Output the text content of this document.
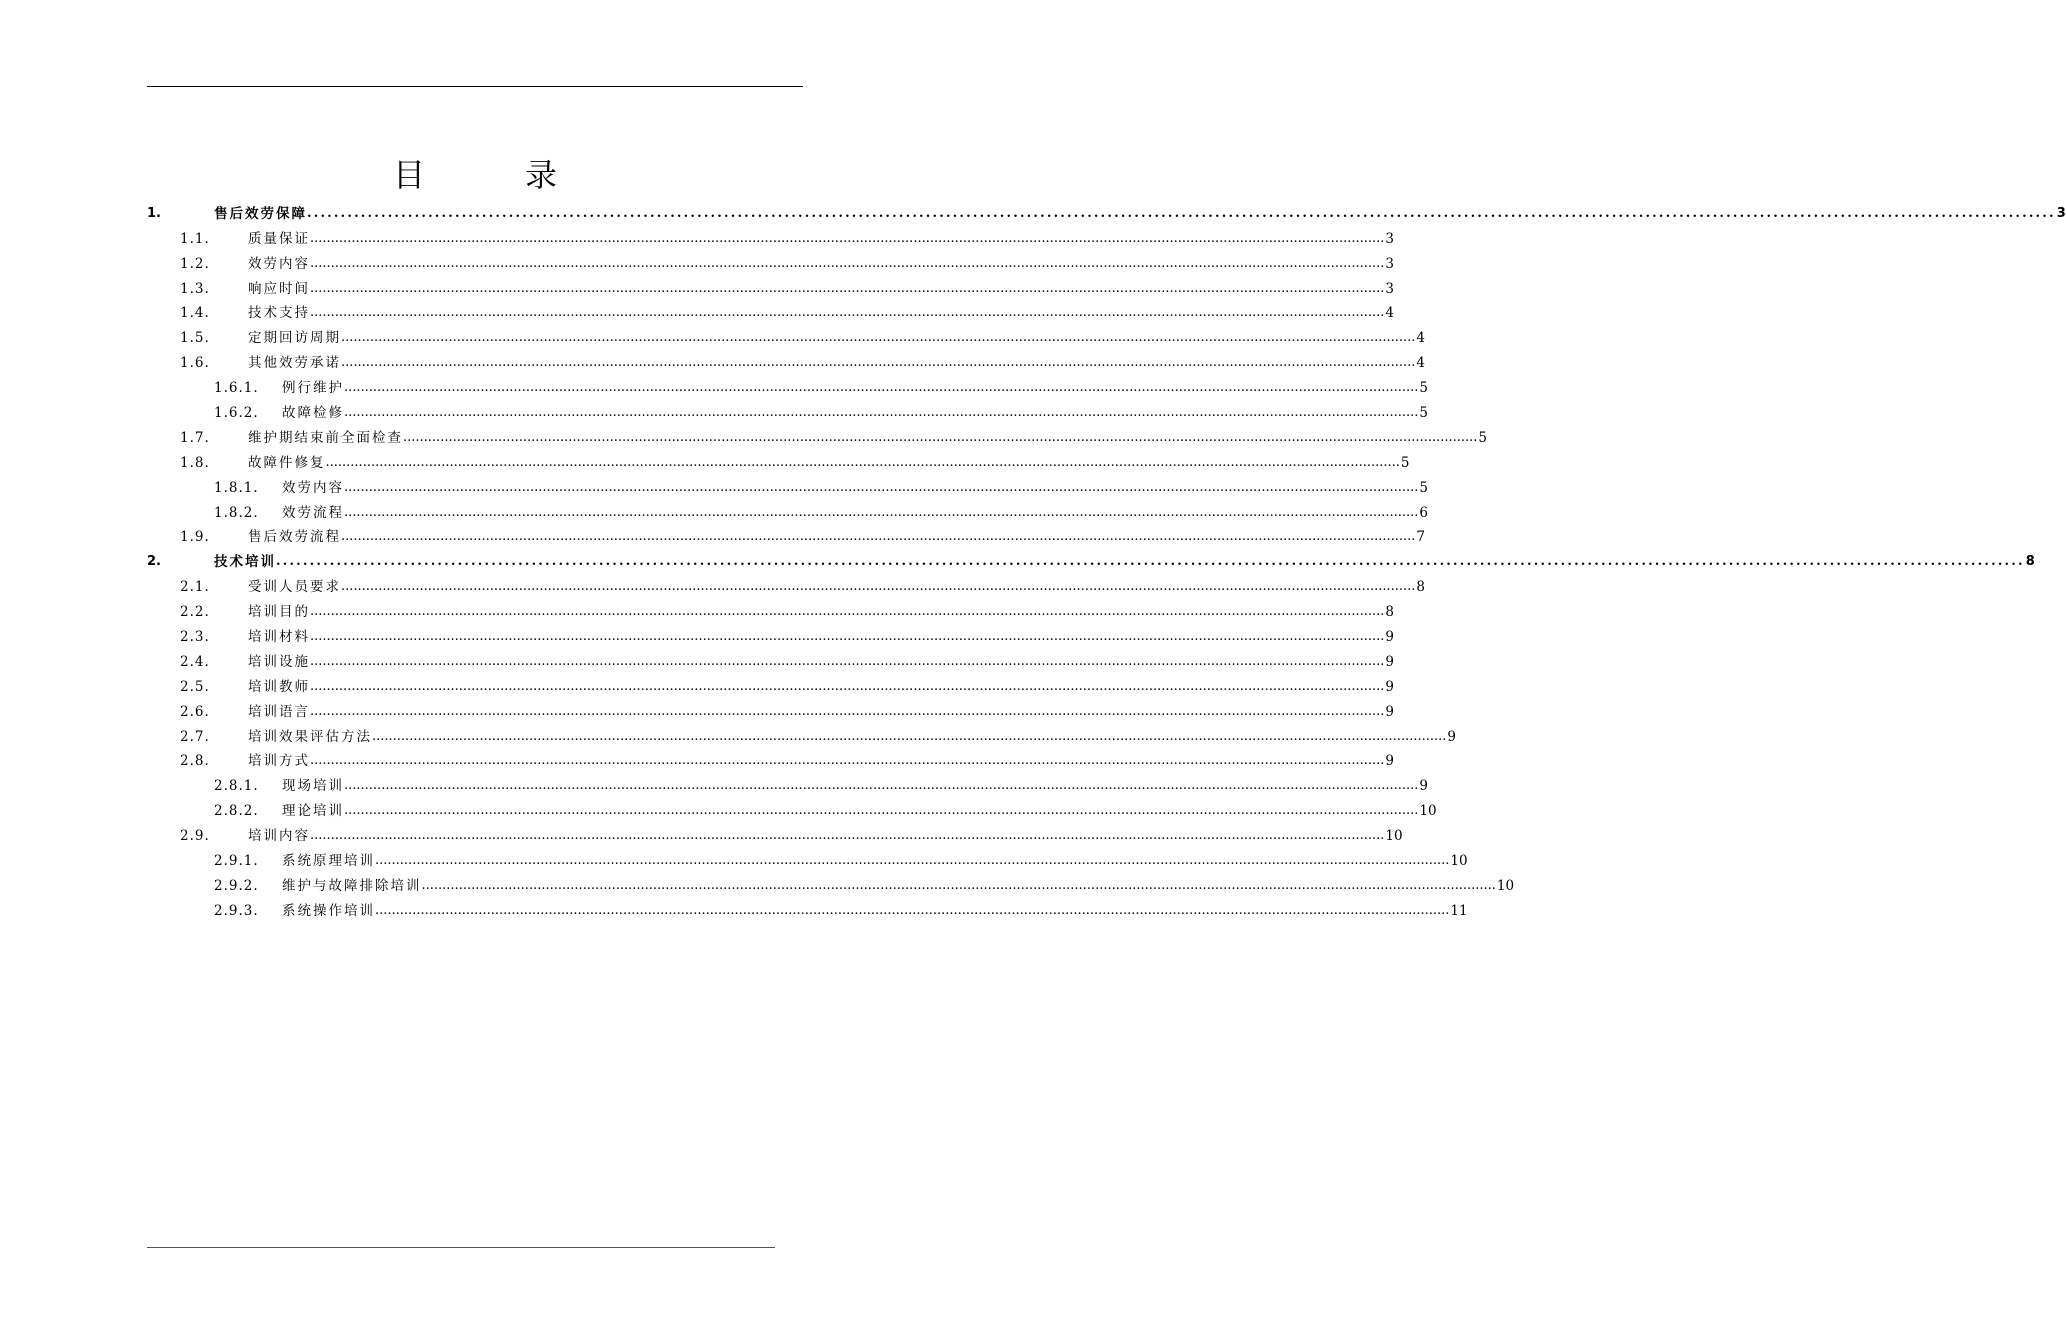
目　录
1.	售后效劳保障 .................................................................................................................................................................................................................................................................... 3
1.1.	质量保证 .................................................................................................................................................................................................................................................................... 3
1.2.	效劳内容 .................................................................................................................................................................................................................................................................... 3
1.3.	响应时间 .................................................................................................................................................................................................................................................................... 3
1.4.	技术支持 .................................................................................................................................................................................................................................................................... 4
1.5.	定期回访周期 .................................................................................................................................................................................................................................................................... 4
1.6.	其他效劳承诺 .................................................................................................................................................................................................................................................................... 4
1.6.1. 例行维护 .................................................................................................................................................................................................................................................................... 5
1.6.2. 故障检修 .................................................................................................................................................................................................................................................................... 5
1.7.	维护期结束前全面检查 .................................................................................................................................................................................................................................................................... 5
1.8.	故障件修复 .................................................................................................................................................................................................................................................................... 5
1.8.1. 效劳内容 .................................................................................................................................................................................................................................................................... 5
1.8.2. 效劳流程 .................................................................................................................................................................................................................................................................... 6
1.9.	售后效劳流程 .................................................................................................................................................................................................................................................................... 7
2.	技术培训 .................................................................................................................................................................................................................................................................... 8
2.1.	受训人员要求 .................................................................................................................................................................................................................................................................... 8
2.2.	培训目的 .................................................................................................................................................................................................................................................................... 8
2.3.	培训材料 .................................................................................................................................................................................................................................................................... 9
2.4.	培训设施 .................................................................................................................................................................................................................................................................... 9
2.5.	培训教师 .................................................................................................................................................................................................................................................................... 9
2.6.	培训语言 .................................................................................................................................................................................................................................................................... 9
2.7.	培训效果评估方法 .................................................................................................................................................................................................................................................................... 9
2.8.	培训方式 .................................................................................................................................................................................................................................................................... 9
2.8.1. 现场培训 .................................................................................................................................................................................................................................................................... 9
2.8.2. 理论培训 .................................................................................................................................................................................................................................................................... 10
2.9.	培训内容 .................................................................................................................................................................................................................................................................... 10
2.9.1. 系统原理培训 .................................................................................................................................................................................................................................................................... 10
2.9.2. 维护与故障排除培训 .................................................................................................................................................................................................................................................................... 10
2.9.3. 系统操作培训 .................................................................................................................................................................................................................................................................... 11
